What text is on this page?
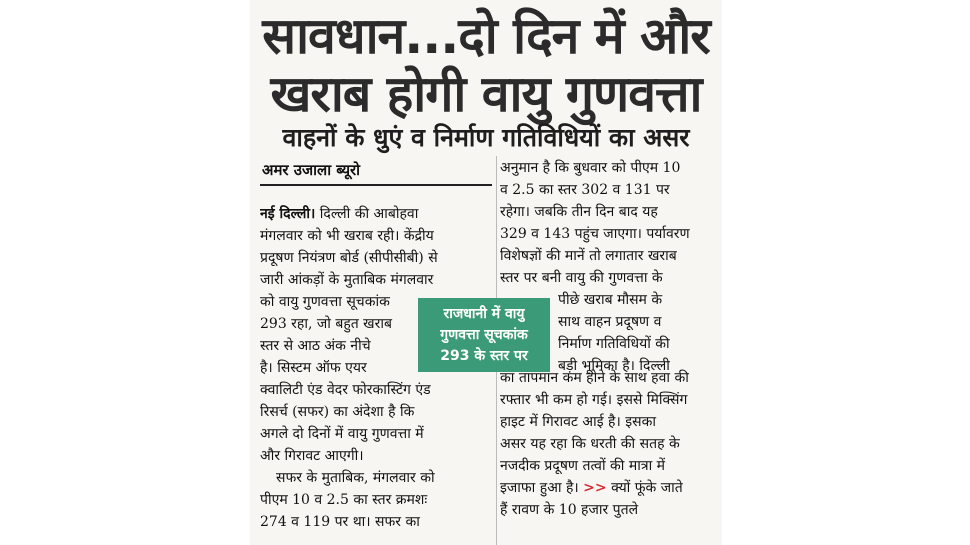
सावधान...दो दिन में और
खराब होगी वायु गुणवत्ता
वाहनों के धुएं व निर्माण गतिविधियों का असर
अमर उजाला ब्यूरो
नई दिल्ली। दिल्ली की आबोहवा
मंगलवार को भी खराब रही। केंद्रीय
प्रदूषण नियंत्रण बोर्ड (सीपीसीबी) से
जारी आंकड़ों के मुताबिक मंगलवार
को वायु गुणवत्ता सूचकांक
293 रहा, जो बहुत खराब
स्तर से आठ अंक नीचे
है। सिस्टम ऑफ एयर
क्वालिटी एंड वेदर फोरकास्टिंग एंड
रिसर्च (सफर) का अंदेशा है कि
अगले दो दिनों में वायु गुणवत्ता में
और गिरावट आएगी।
सफर के मुताबिक, मंगलवार को
पीएम 10 व 2.5 का स्तर क्रमशः
274 व 119 पर था। सफर का
राजधानी में वायु
गुणवत्ता सूचकांक
293 के स्तर पर
अनुमान है कि बुधवार को पीएम 10
व 2.5 का स्तर 302 व 131 पर
रहेगा। जबकि तीन दिन बाद यह
329 व 143 पहुंच जाएगा। पर्यावरण
विशेषज्ञों की मानें तो लगातार खराब
स्तर पर बनी वायु की गुणवत्ता के
पीछे खराब मौसम के
साथ वाहन प्रदूषण व
निर्माण गतिविधियों की
बड़ी भूमिका है। दिल्ली
का तापमान कम होने के साथ हवा की
रफ्तार भी कम हो गई। इससे मिक्सिंग
हाइट में गिरावट आई है। इसका
असर यह रहा कि धरती की सतह के
नजदीक प्रदूषण तत्वों की मात्रा में
इजाफा हुआ है। >> क्यों फूंके जाते
हैं रावण के 10 हजार पुतले
